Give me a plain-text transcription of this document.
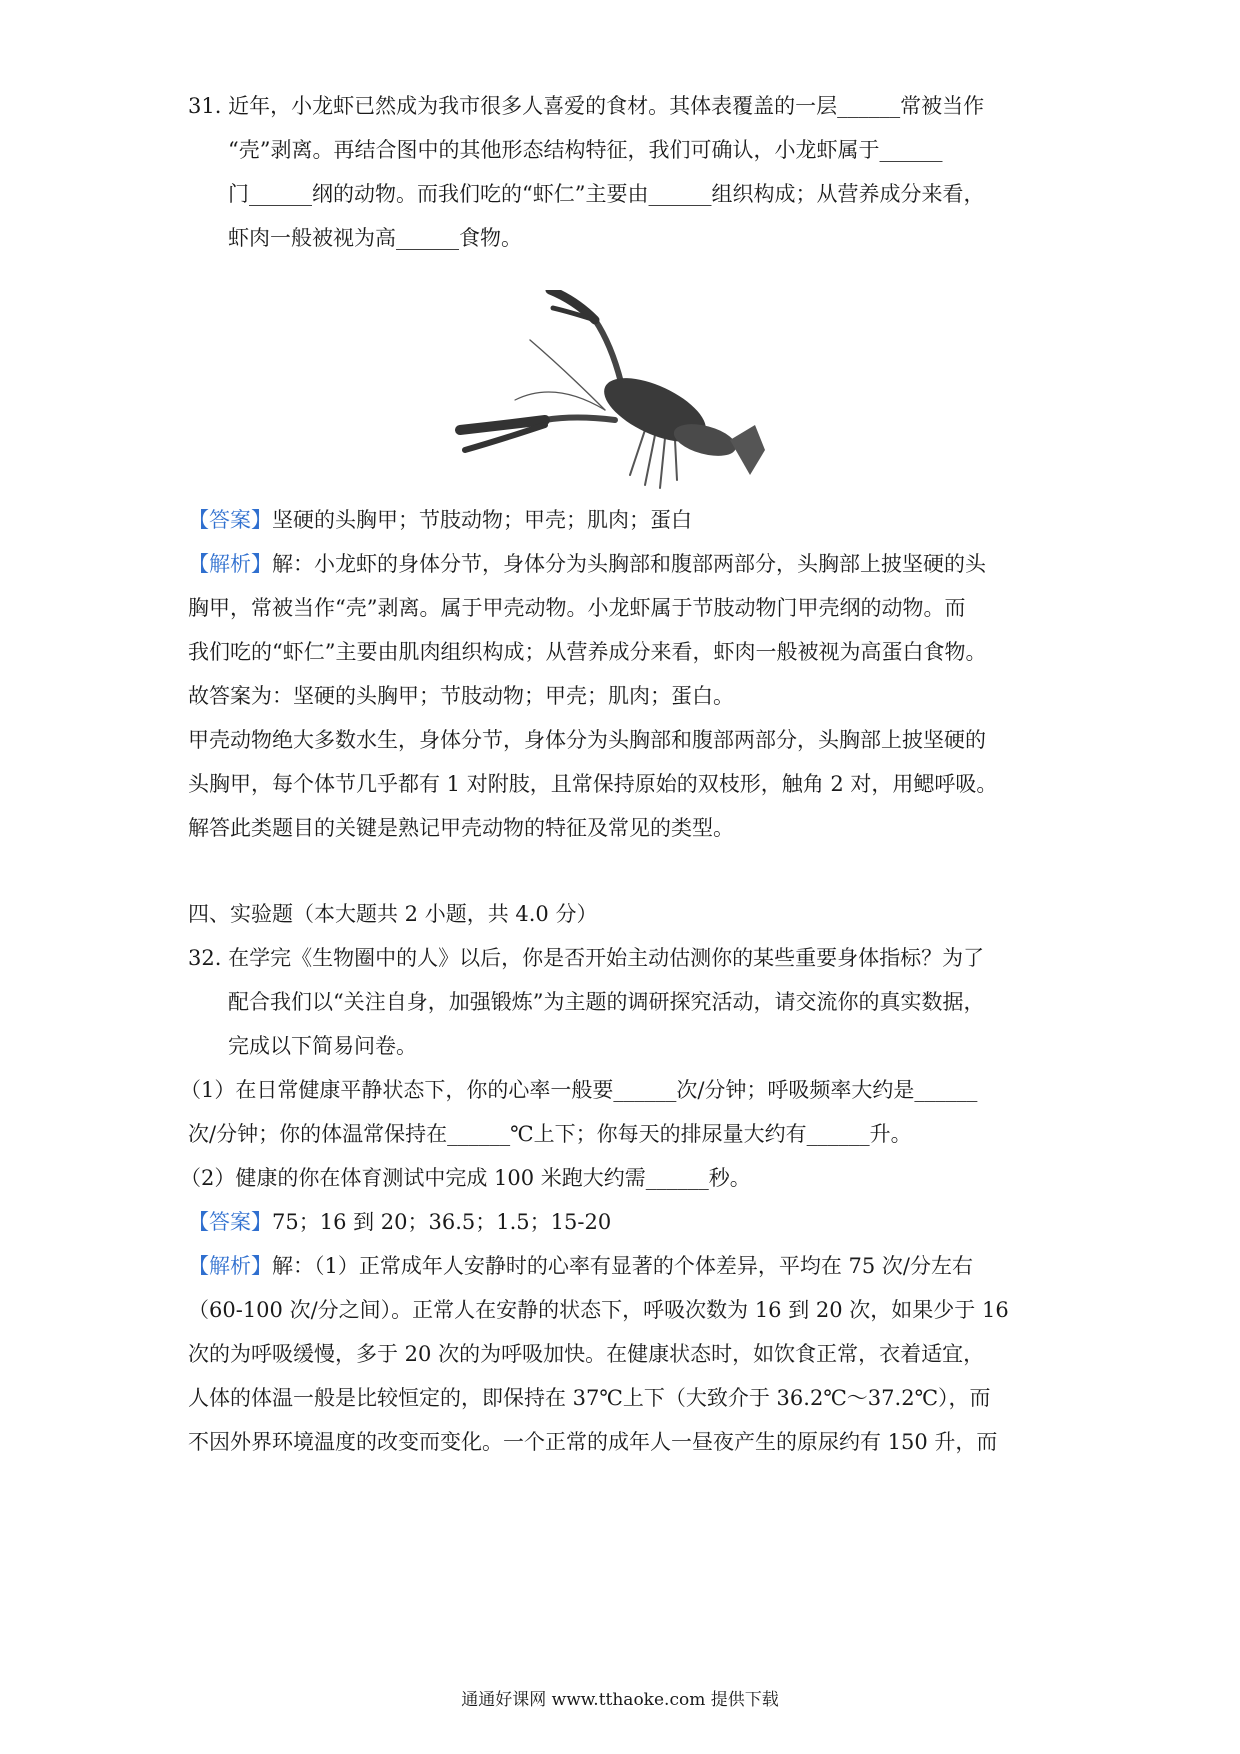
31. 近年，小龙虾已然成为我市很多人喜爱的食材。其体表覆盖的一层______常被当作
“壳”剥离。再结合图中的其他形态结构特征，我们可确认，小龙虾属于______
门______纲的动物。而我们吃的“虾仁”主要由______组织构成；从营养成分来看，
虾肉一般被视为高______食物。
【答案】坚硬的头胸甲；节肢动物；甲壳；肌肉；蛋白
【解析】解：小龙虾的身体分节，身体分为头胸部和腹部两部分，头胸部上披坚硬的头
胸甲，常被当作“壳”剥离。属于甲壳动物。小龙虾属于节肢动物门甲壳纲的动物。而
我们吃的“虾仁”主要由肌肉组织构成；从营养成分来看，虾肉一般被视为高蛋白食物。
故答案为：坚硬的头胸甲；节肢动物；甲壳；肌肉；蛋白。
甲壳动物绝大多数水生，身体分节，身体分为头胸部和腹部两部分，头胸部上披坚硬的
头胸甲，每个体节几乎都有 1 对附肢，且常保持原始的双枝形，触角 2 对，用鳃呼吸。
解答此类题目的关键是熟记甲壳动物的特征及常见的类型。
四、实验题（本大题共 2 小题，共 4.0 分）
32. 在学完《生物圈中的人》以后，你是否开始主动估测你的某些重要身体指标？为了
配合我们以“关注自身，加强锻炼”为主题的调研探究活动，请交流你的真实数据，
完成以下简易问卷。
（1）在日常健康平静状态下，你的心率一般要______次/分钟；呼吸频率大约是______
次/分钟；你的体温常保持在______℃上下；你每天的排尿量大约有______升。
（2）健康的你在体育测试中完成 100 米跑大约需______秒。
【答案】75；16 到 20；36.5；1.5；15-20
【解析】解：（1）正常成年人安静时的心率有显著的个体差异，平均在 75 次/分左右
（60-100 次/分之间）。正常人在安静的状态下，呼吸次数为 16 到 20 次，如果少于 16
次的为呼吸缓慢，多于 20 次的为呼吸加快。在健康状态时，如饮食正常，衣着适宜，
人体的体温一般是比较恒定的，即保持在 37℃上下（大致介于 36.2℃～37.2℃），而
不因外界环境温度的改变而变化。一个正常的成年人一昼夜产生的原尿约有 150 升，而
通通好课网 www.tthaoke.com 提供下载
